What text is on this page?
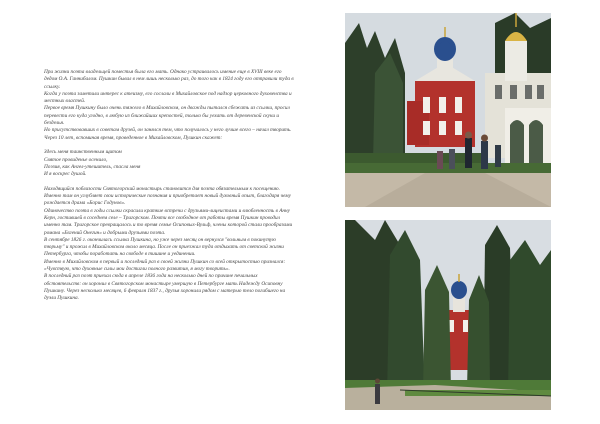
При жизни поэта владельцей поместья была его мать. Однако устраивалось имение еще в XVIII веке его дедом О.А. Ганнибалом. Пушкин бывал в нем лишь несколько раз, до того как в 1824 году его отправили туда в ссылку.

Когда у поэта заметили интерес к атеизму, его сослали в Михайловское под надзор церковного духовенства и местных властей.

Первое время Пушкину было очень тяжело в Михайловском, он дважды пытался сбежать из ссылки, просил перевести его куда угодно, в любую из ближайших крепостей, только бы уехать от деревенской скуки и безделья.

Но присутствовавших в советам друзей, он занялся тем, что получалось у него лучше всего – начал творить. Через 10 лет, вспоминая время, проведенное в Михайловском, Пушкин скажет:

Здесь меня таинственным щитом

Святое провиденье осенило,

Поэзия, как Ангел-утешитель, спасла меня

И я воскрес душой.

Находящийся поблизости Святогорский монастырь становится для поэта обязательным к посещению. Именно там он углубляет свои исторические познания и приобретает новый духовный опыт, благодаря чему рождается драма «Борис Годунов».

Одиночество поэта в годы ссылки скрасили краткие встречи с друзьями-лицеистами и влюбленность в Анну Керн, гостившей в соседнем селе – Тригорском. Почти все свободное от работы время Пушкин проводил именно там. Тригорское превращалось и то время семье Осиповых-Вульф, члены которой стали прообразами романа «Евгений Онегин» и добрыми друзьями поэта.

В сентябре 1826 г. окончилась ссылка Пушкина, но уже через месяц он вернулся "вольным в покинутую тюрьму" и прожил в Михайловском около месяца. После он приезжал туда отдыхать от светской жизни Петербурга, чтобы поработать на свободе в тишине и уединении.

Именно в Михайловском в первый и последний раз в своей жизни Пушкин со всей открытостью признался: «Чувствую, что духовные силы мои достигли полного развития, я могу творить».

В последний раз поэт приехал сюда в апреле 1836 года на несколько дней по причине печальных обстоятельств: он хоронил в Святогорском монастыре умершую в Петербурге мать Надежду Осиповну Пушкину. Через несколько месяцев, 6 февраля 1837 г., друзья хоронили рядом с матерью тело погибшего на дуэли Пушкина.
